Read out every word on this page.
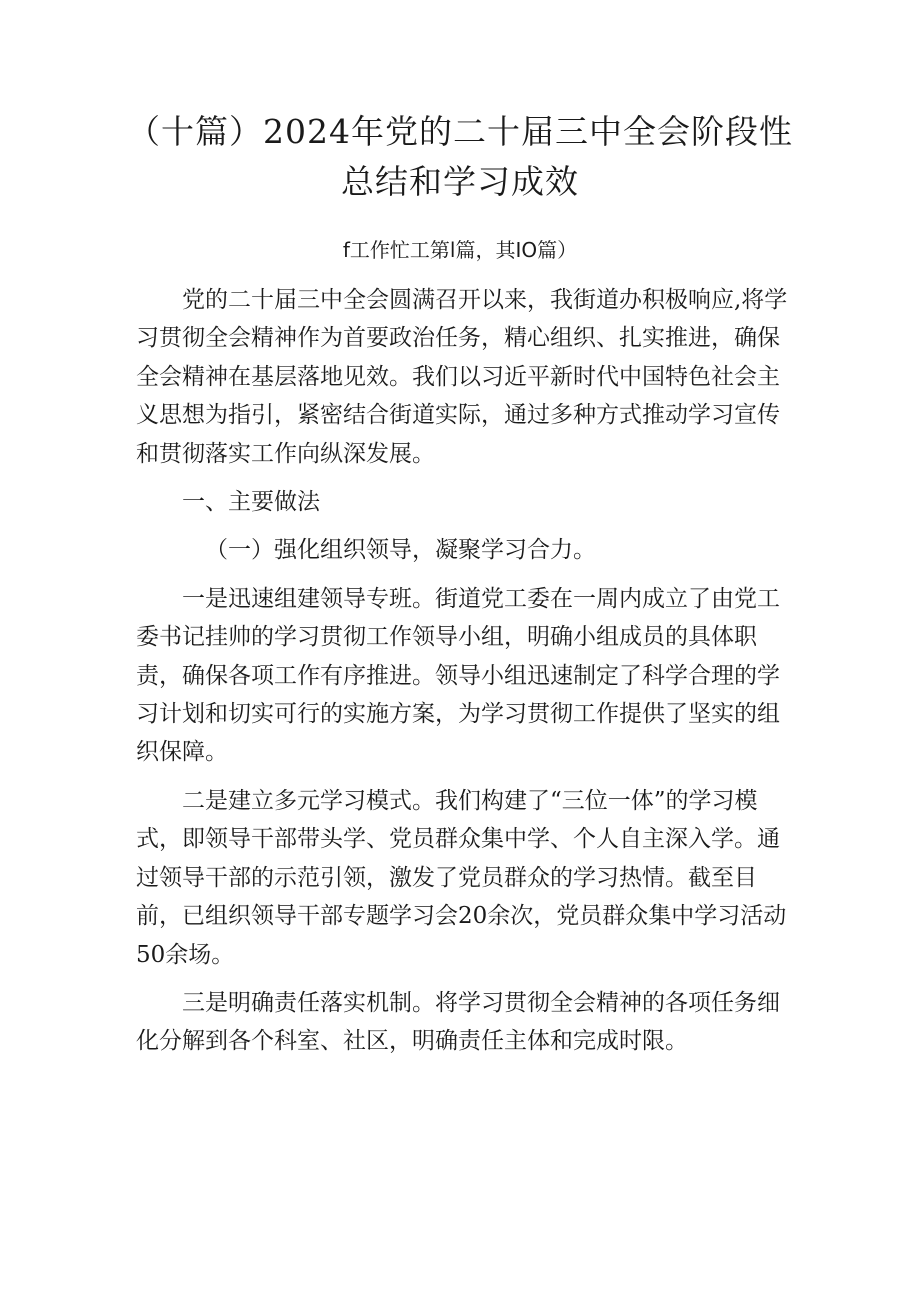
（十篇）2024年党的二十届三中全会阶段性
总结和学习成效
f工作忙工第l篇，其IO篇）

党的二十届三中全会圆满召开以来，我街道办积极响应,将学习贯彻全会精神作为首要政治任务，精心组织、扎实推进，确保全会精神在基层落地见效。我们以习近平新时代中国特色社会主义思想为指引，紧密结合街道实际，通过多种方式推动学习宣传和贯彻落实工作向纵深发展。

一、主要做法

（一）强化组织领导，凝聚学习合力。

一是迅速组建领导专班。街道党工委在一周内成立了由党工委书记挂帅的学习贯彻工作领导小组，明确小组成员的具体职责，确保各项工作有序推进。领导小组迅速制定了科学合理的学习计划和切实可行的实施方案，为学习贯彻工作提供了坚实的组织保障。

二是建立多元学习模式。我们构建了“三位一体”的学习模式，即领导干部带头学、党员群众集中学、个人自主深入学。通过领导干部的示范引领，激发了党员群众的学习热情。截至目前，已组织领导干部专题学习会20余次，党员群众集中学习活动50余场。

三是明确责任落实机制。将学习贯彻全会精神的各项任务细化分解到各个科室、社区，明确责任主体和完成时限。
